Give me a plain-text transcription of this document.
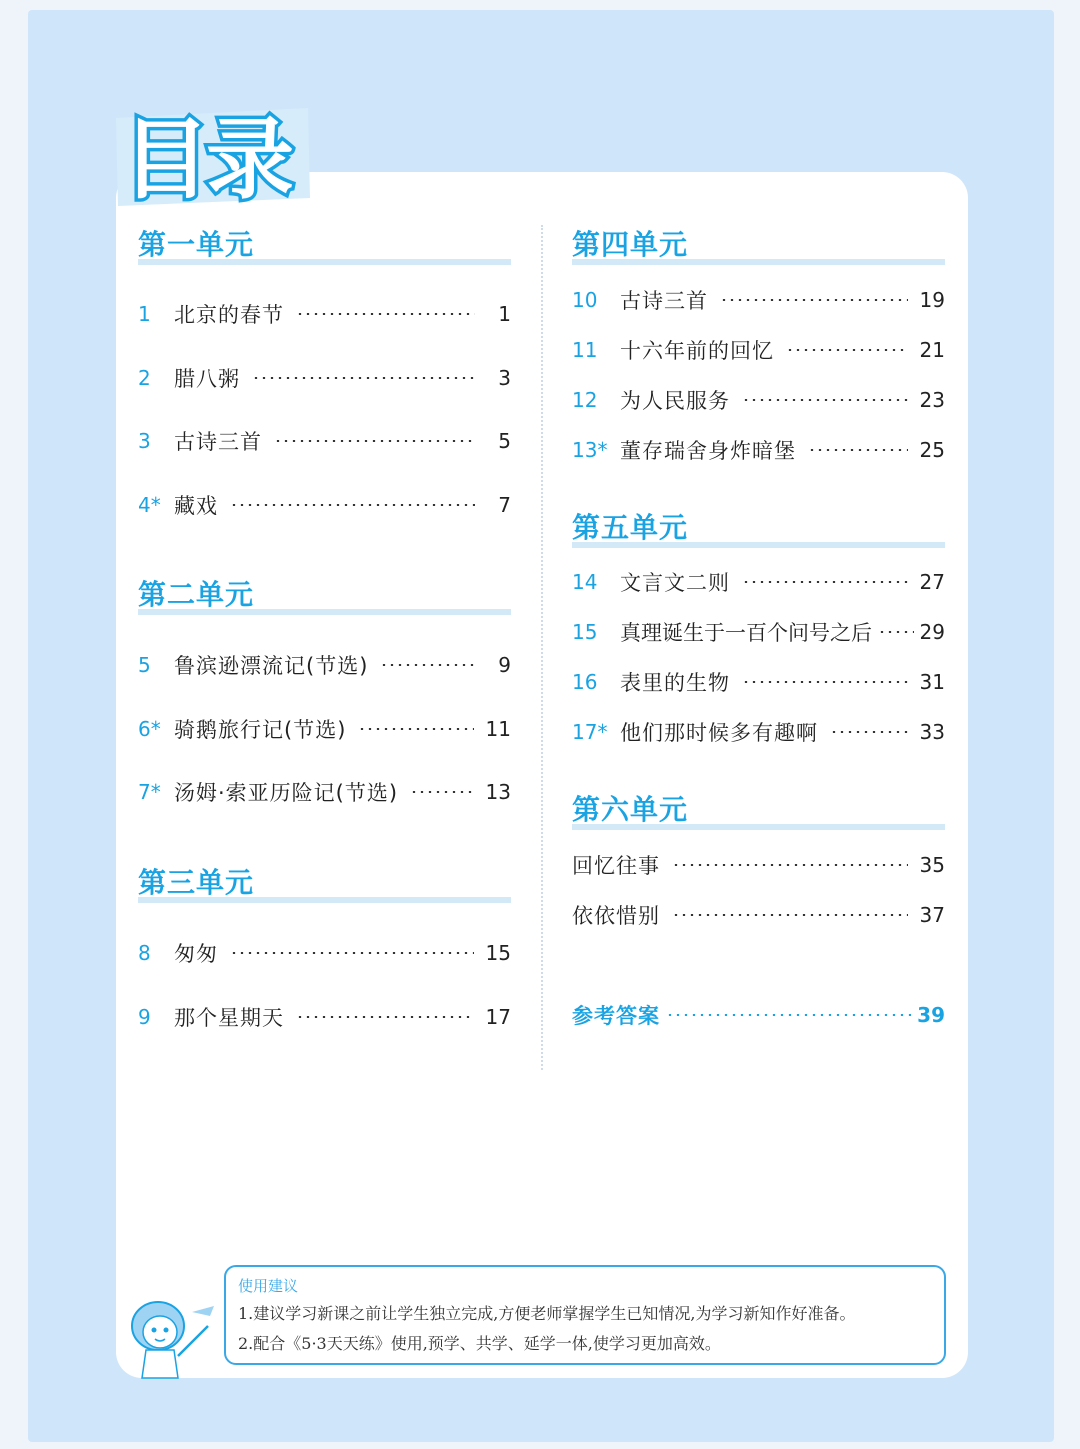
目录
第一单元
1	北京的春节	1
2	腊八粥	3
3	古诗三首	5
4* 藏戏	7
第二单元
5	鲁滨逊漂流记(节选)	9
6* 骑鹅旅行记(节选)	11
7* 汤姆·索亚历险记(节选)	13
第三单元
8	匆匆	15
9	那个星期天	17
第四单元
10	古诗三首	19
11	十六年前的回忆	21
12	为人民服务	23
13* 董存瑞舍身炸暗堡	25
第五单元
14	文言文二则	27
15	真理诞生于一百个问号之后 29
16	表里的生物	31
17* 他们那时候多有趣啊	33
第六单元
回忆往事	35
依依惜别	37
参考答案	39
使用建议
1.建议学习新课之前让学生独立完成,方便老师掌握学生已知情况,为学习新知作好准备。
2.配合《5·3天天练》使用,预学、共学、延学一体,使学习更加高效。
